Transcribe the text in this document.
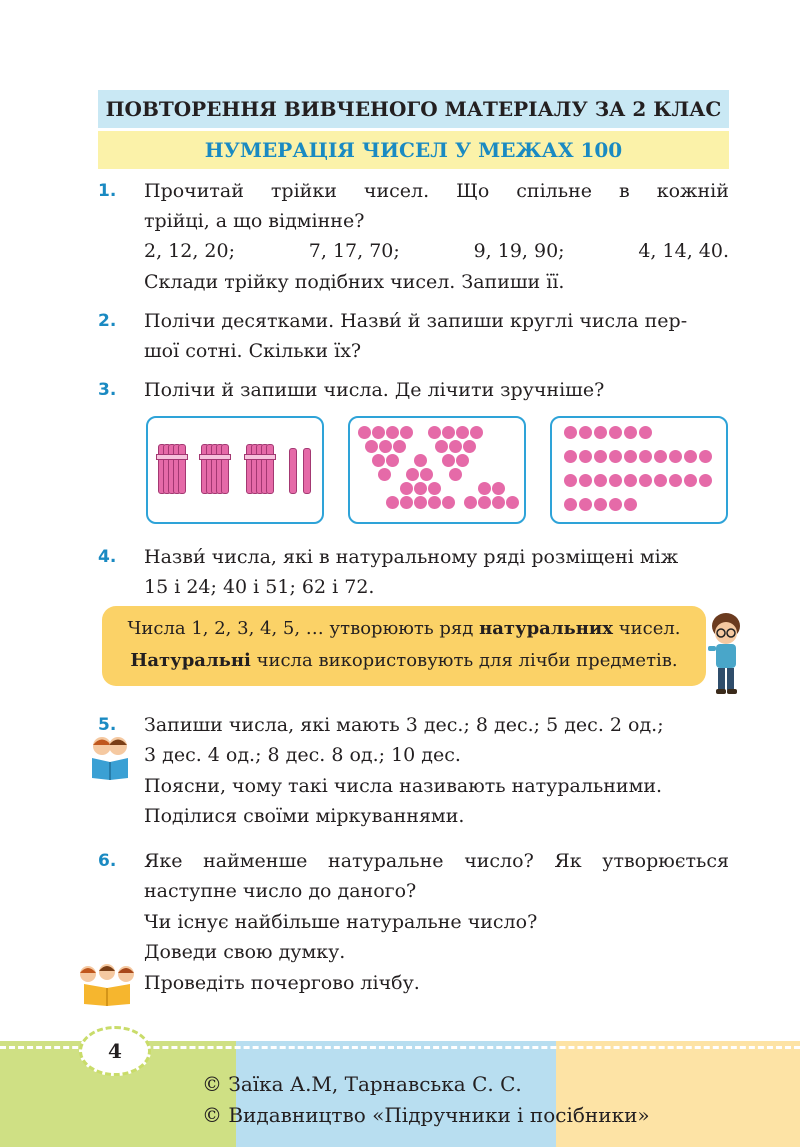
ПОВТОРЕННЯ ВИВЧЕНОГО МАТЕРІАЛУ ЗА 2 КЛАС
НУМЕРАЦІЯ ЧИСЕЛ У МЕЖАХ 100
1. Прочитай трійки чисел. Що спільне в кожній
трійці, а що відмінне?
2, 12, 20;	7, 17, 70;	9, 19, 90;	4, 14, 40.
Склади трійку подібних чисел. Запиши її.
2. Полічи десятками. Назви́ й запиши круглі числа пер-
шої сотні. Скільки їх?
3. Полічи й запиши числа. Де лічити зручніше?
4. Назви́ числа, які в натуральному ряді розміщені між
15 і 24; 40 і 51; 62 і 72.
Числа 1, 2, 3, 4, 5, … утворюють ряд натуральних чисел.
Натуральні числа використовують для лічби предметів.
5. Запиши числа, які мають 3 дес.; 8 дес.; 5 дес. 2 од.;
3 дес. 4 од.; 8 дес. 8 од.; 10 дес.
Поясни, чому такі числа називають натуральними.
Поділися своїми міркуваннями.
6. Яке найменше натуральне число? Як утворюється
наступне число до даного?
Чи існує найбільше натуральне число?
Доведи свою думку.
Проведіть почергово лічбу.
4
© Заїка А.М, Тарнавська С. С.
© Видавництво «Підручники і посібники»
